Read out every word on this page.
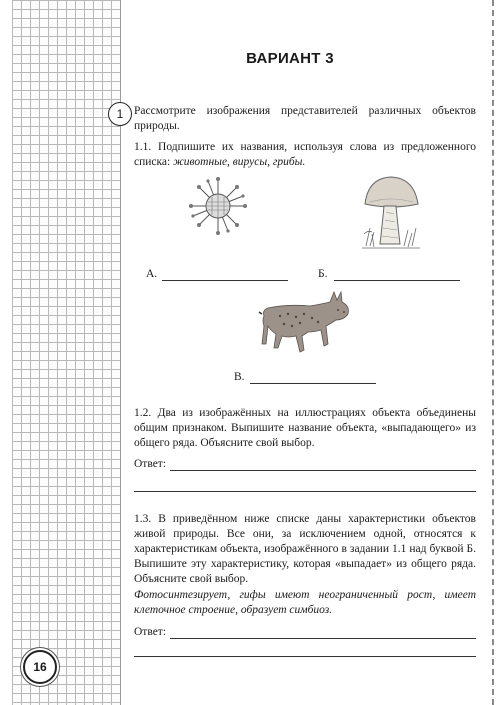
ВАРИАНТ 3
1 Рассмотрите изображения представителей различных объектов природы.
1.1. Подпишите их названия, используя слова из предложенного списка: животные, вирусы, грибы.
А.	Б.
В.
1.2. Два из изображённых на иллюстрациях объекта объединены общим признаком. Выпишите название объекта, «выпадающего» из общего ряда. Объясните свой выбор.
Ответ:
1.3. В приведённом ниже списке даны характеристики объектов живой природы. Все они, за исключением одной, относятся к характеристикам объекта, изображённого в задании 1.1 над буквой Б. Выпишите эту характеристику, которая «выпадает» из общего ряда. Объясните свой выбор.
Фотосинтезирует, гифы имеют неограниченный рост, имеет клеточное строение, образует симбиоз.
Ответ:
16
